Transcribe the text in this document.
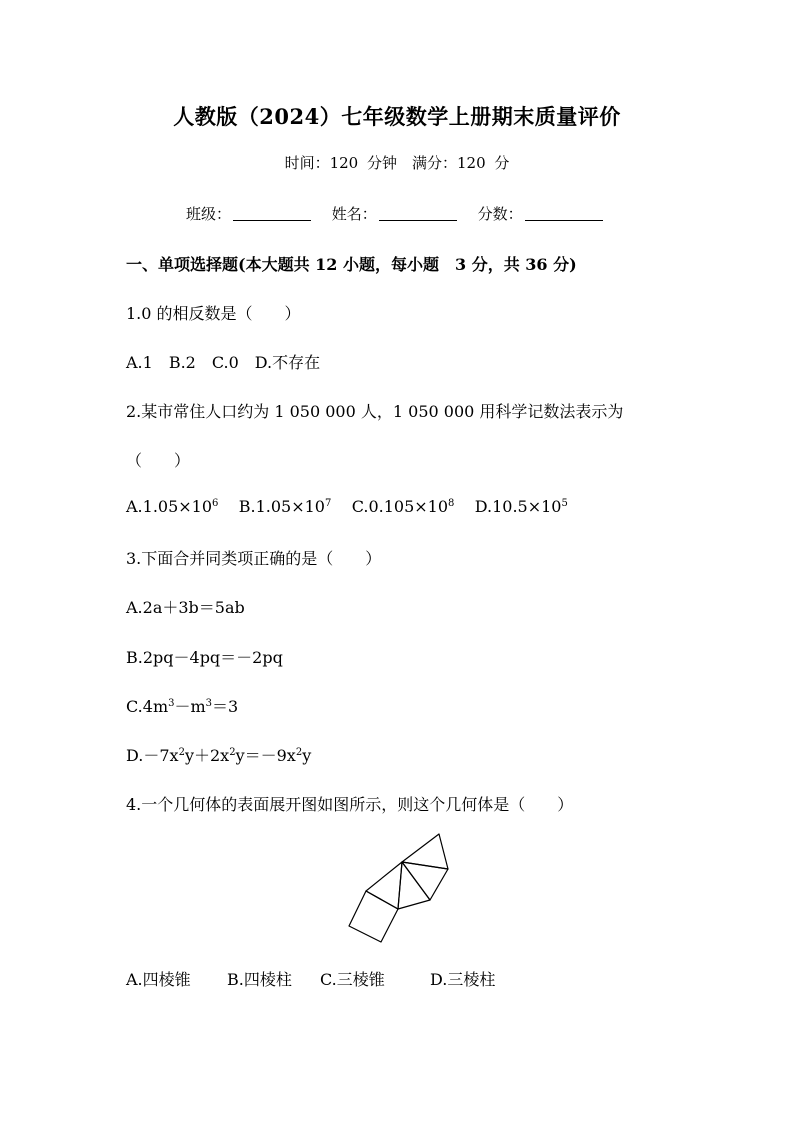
人教版（2024）七年级数学上册期末质量评价
时间：120 分钟　满分：120 分
班级：	姓名：	分数：
一、单项选择题(本大题共 12 小题，每小题　3 分，共 36 分)
1.0 的相反数是（　　）
A.1　B.2　C.0　D.不存在
2.某市常住人口约为 1 050 000 人，1 050 000 用科学记数法表示为
（　　）
$A.1.05\times 10^6$ $B.1.05\times 10^7$ $C.0.105\times 10^8$ $D.10.5\times 10^5$
3.下面合并同类项正确的是（　　）
A.2a＋3b＝5ab
B.2pq－4pq＝－2pq
$C.4m^3-m^3=3$
$D.-7x^2y+2x^2y=-9x^2y$
4.一个几何体的表面展开图如图所示，则这个几何体是（　　）
A.四棱锥 B.四棱柱 C.三棱锥	D.三棱柱
